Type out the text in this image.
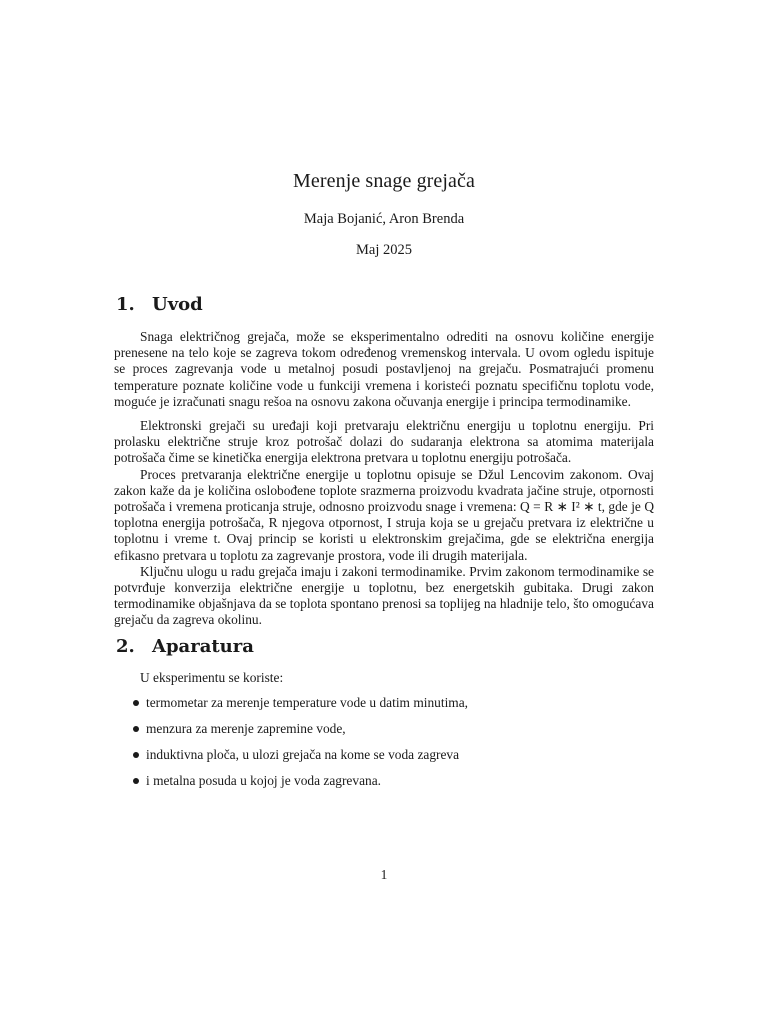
Merenje snage grejača
Maja Bojanić, Aron Brenda
Maj 2025
1. Uvod

Snaga električnog grejača, može se eksperimentalno odrediti na osnovu količine energije prenesene na telo koje se zagreva tokom određenog vremenskog intervala. U ovom ogledu ispituje se proces zagrevanja vode u metalnoj posudi postavljenoj na grejaču. Posmatrajući promenu temperature poznate količine vode u funkciji vremena i koristeći poznatu specifičnu toplotu vode, moguće je izračunati snagu rešoa na osnovu zakona očuvanja energije i principa termodinamike.

Elektronski grejači su uređaji koji pretvaraju električnu energiju u toplotnu energiju. Pri prolasku električne struje kroz potrošač dolazi do sudaranja elektrona sa atomima materijala potrošača čime se kinetička energija elektrona pretvara u toplotnu energiju potrošača.

Proces pretvaranja električne energije u toplotnu opisuje se Džul Lencovim zakonom. Ovaj zakon kaže da je količina oslobođene toplote srazmerna proizvodu kvadrata jačine struje, otpornosti potrošača i vremena proticanja struje, odnosno proizvodu snage i vremena: Q = R ∗ I² ∗ t, gde je Q toplotna energija potrošača, R njegova otpornost, I struja koja se u grejaču pretvara iz električne u toplotnu i vreme t. Ovaj princip se koristi u elektronskim grejačima, gde se električna energija efikasno pretvara u toplotu za zagrevanje prostora, vode ili drugih materijala.

Ključnu ulogu u radu grejača imaju i zakoni termodinamike. Prvim zakonom termodinamike se potvrđuje konverzija električne energije u toplotnu, bez energetskih gubitaka. Drugi zakon termodinamike objašnjava da se toplota spontano prenosi sa toplijeg na hladnije telo, što omogućava grejaču da zagreva okolinu.

2. Aparatura
U eksperimentu se koriste:
termometar za merenje temperature vode u datim minutima,
menzura za merenje zapremine vode,
induktivna ploča, u ulozi grejača na kome se voda zagreva
i metalna posuda u kojoj je voda zagrevana.
1
